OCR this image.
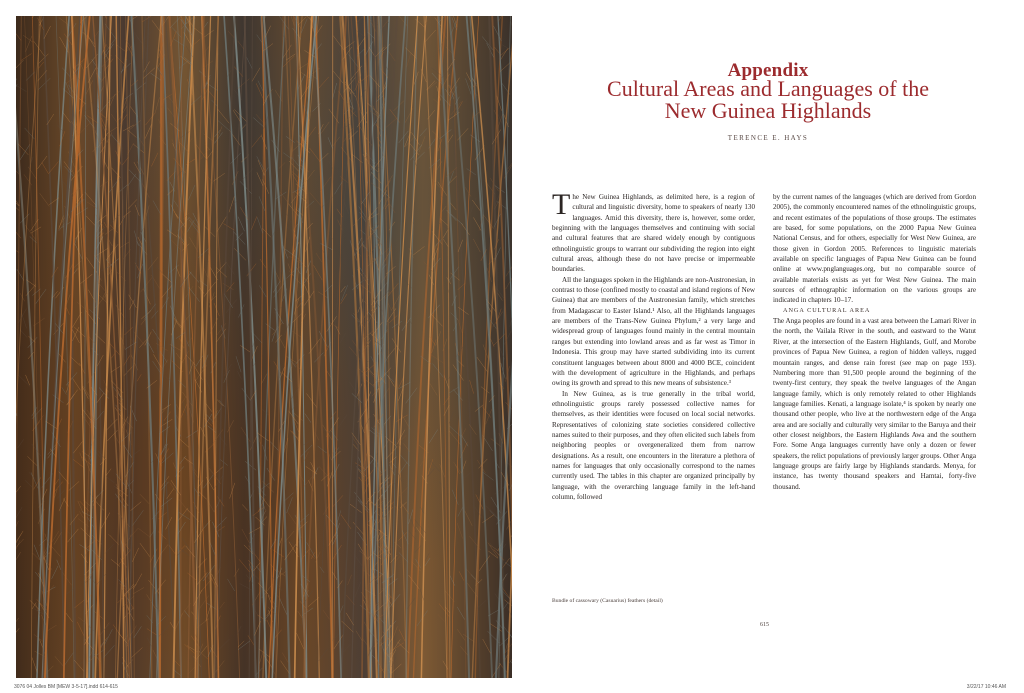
Appendix
Cultural Areas and Languages of the
New Guinea Highlands
TERENCE E. HAYS

The New Guinea Highlands, as delimited here, is a region of cultural and linguistic diversity, home to speakers of nearly 130 languages. Amid this diversity, there is, however, some order, beginning with the languages themselves and continuing with social and cultural features that are shared widely enough by contiguous ethnolinguistic groups to warrant our subdividing the region into eight cultural areas, although these do not have precise or impermeable boundaries.

All the languages spoken in the Highlands are non-Austronesian, in contrast to those (confined mostly to coastal and island regions of New Guinea) that are members of the Austronesian family, which stretches from Madagascar to Easter Island.¹ Also, all the Highlands languages are members of the Trans-New Guinea Phylum,² a very large and widespread group of languages found mainly in the central mountain ranges but extending into lowland areas and as far west as Timor in Indonesia. This group may have started subdividing into its current constituent languages between about 8000 and 4000 BCE, coincident with the development of agriculture in the Highlands, and perhaps owing its growth and spread to this new means of subsistence.³

In New Guinea, as is true generally in the tribal world, ethnolinguistic groups rarely possessed collective names for themselves, as their identities were focused on local social networks. Representatives of colonizing state societies considered collective names suited to their purposes, and they often elicited such labels from neighboring peoples or overgeneralized them from narrow designations. As a result, one encounters in the literature a plethora of names for languages that only occasionally correspond to the names currently used. The tables in this chapter are organized principally by language, with the overarching language family in the left-hand column, followed

by the current names of the languages (which are derived from Gordon 2005), the commonly encountered names of the ethnolinguistic groups, and recent estimates of the populations of those groups. The estimates are based, for some populations, on the 2000 Papua New Guinea National Census, and for others, especially for West New Guinea, are those given in Gordon 2005. References to linguistic materials available on specific languages of Papua New Guinea can be found online at www.pnglanguages.org, but no comparable source of available materials exists as yet for West New Guinea. The main sources of ethnographic information on the various groups are indicated in chapters 10–17.

ANGA CULTURAL AREA

The Anga peoples are found in a vast area between the Lamari River in the north, the Vailala River in the south, and eastward to the Watut River, at the intersection of the Eastern Highlands, Gulf, and Morobe provinces of Papua New Guinea, a region of hidden valleys, rugged mountain ranges, and dense rain forest (see map on page 193). Numbering more than 91,500 people around the beginning of the twenty-first century, they speak the twelve languages of the Angan language family, which is only remotely related to other Highlands language families. Kenati, a language isolate,⁴ is spoken by nearly one thousand other people, who live at the northwestern edge of the Anga area and are socially and culturally very similar to the Baruya and their other closest neighbors, the Eastern Highlands Awa and the southern Fore. Some Anga languages currently have only a dozen or fewer speakers, the relict populations of previously larger groups. Other Anga language groups are fairly large by Highlands standards. Menya, for instance, has twenty thousand speakers and Hamtai, forty-five thousand.

Bundle of cassowary (Casuarius) feathers (detail)
615
3076 04 Jolles BM [MEW 3-5-17].indd 614-615	3/22/17 10:46 AM
